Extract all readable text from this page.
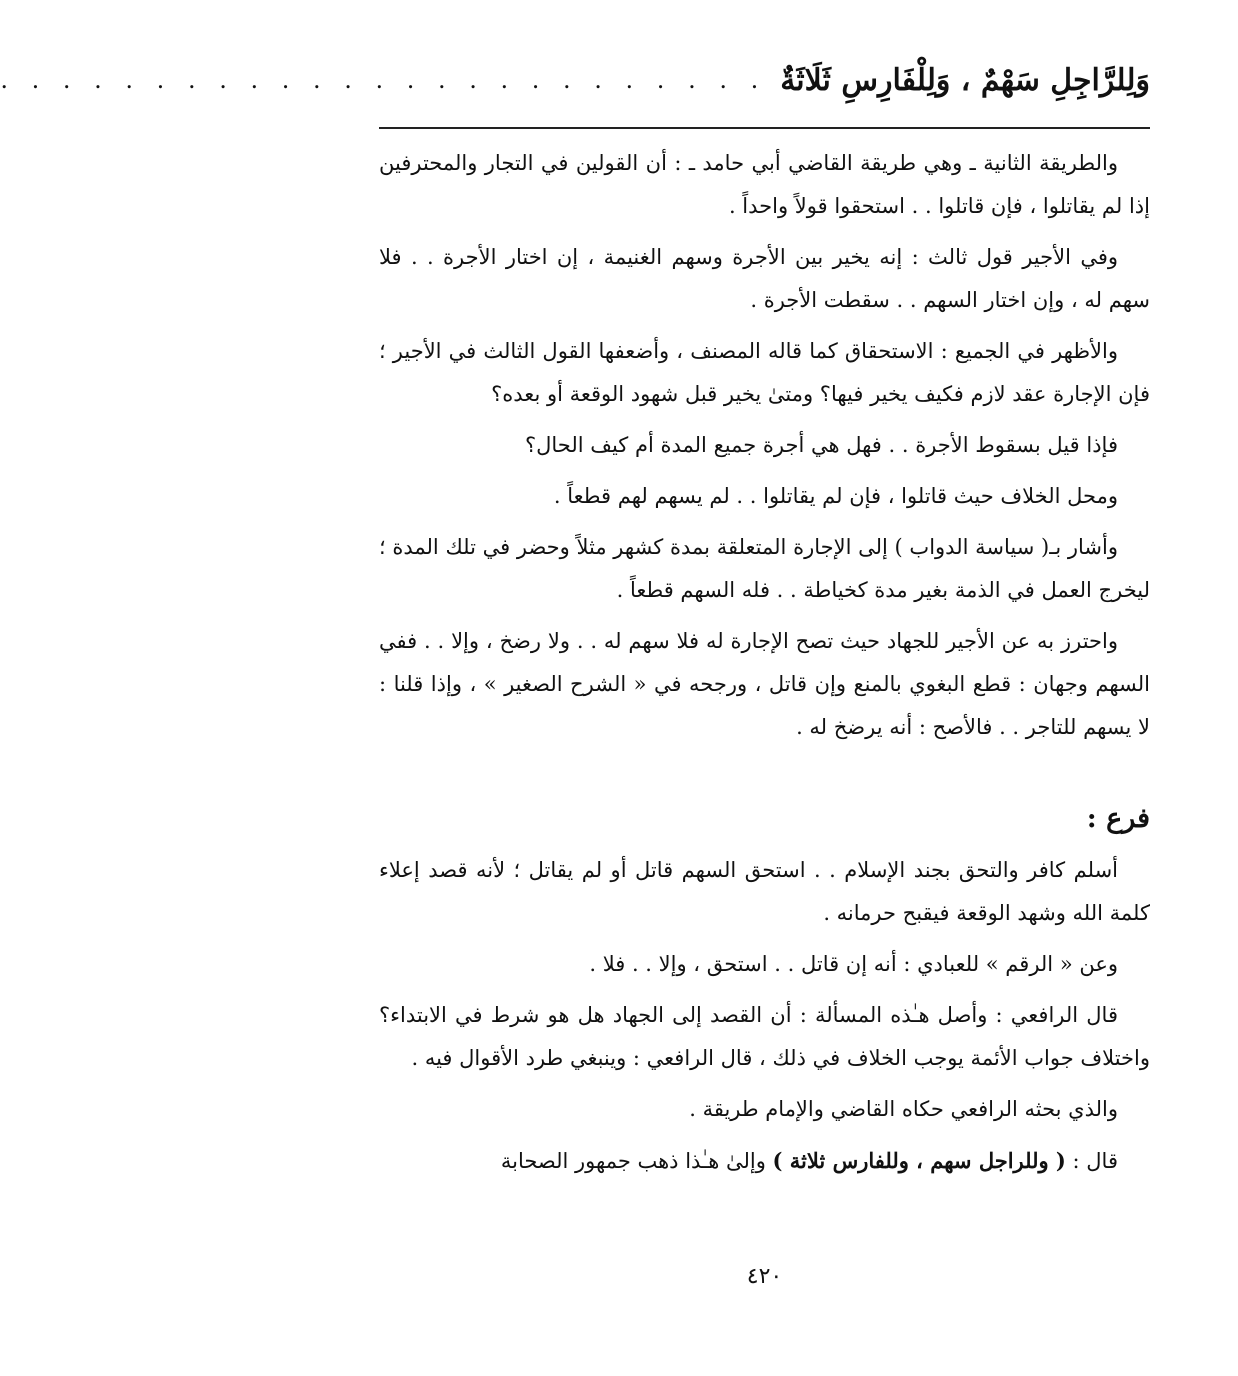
وَلِلرَّاجِلِ سَهْمٌ ، وَلِلْفَارِسِ ثَلَاثَةٌ
. . . . . . . . . . . . . . . . . . . . . . . . .

والطريقة الثانية ـ وهي طريقة القاضي أبي حامد ـ : أن القولين في التجار والمحترفين إذا لم يقاتلوا ، فإن قاتلوا . . استحقوا قولاً واحداً .

وفي الأجير قول ثالث : إنه يخير بين الأجرة وسهم الغنيمة ، إن اختار الأجرة . . فلا سهم له ، وإن اختار السهم . . سقطت الأجرة .

والأظهر في الجميع : الاستحقاق كما قاله المصنف ، وأضعفها القول الثالث في الأجير ؛ فإن الإجارة عقد لازم فكيف يخير فيها؟ ومتىٰ يخير قبل شهود الوقعة أو بعده؟

فإذا قيل بسقوط الأجرة . . فهل هي أجرة جميع المدة أم كيف الحال؟

ومحل الخلاف حيث قاتلوا ، فإن لم يقاتلوا . . لم يسهم لهم قطعاً .

وأشار بـ( سياسة الدواب ) إلى الإجارة المتعلقة بمدة كشهر مثلاً وحضر في تلك المدة ؛ ليخرج العمل في الذمة بغير مدة كخياطة . . فله السهم قطعاً .

واحترز به عن الأجير للجهاد حيث تصح الإجارة له فلا سهم له . . ولا رضخ ، وإلا . . ففي السهم وجهان : قطع البغوي بالمنع وإن قاتل ، ورجحه في « الشرح الصغير » ، وإذا قلنا : لا يسهم للتاجر . . فالأصح : أنه يرضخ له .

فرع :

أسلم كافر والتحق بجند الإسلام . . استحق السهم قاتل أو لم يقاتل ؛ لأنه قصد إعلاء كلمة الله وشهد الوقعة فيقبح حرمانه .

وعن « الرقم » للعبادي : أنه إن قاتل . . استحق ، وإلا . . فلا .

قال الرافعي : وأصل هـٰذه المسألة : أن القصد إلى الجهاد هل هو شرط في الابتداء؟ واختلاف جواب الأئمة يوجب الخلاف في ذلك ، قال الرافعي : وينبغي طرد الأقوال فيه .

والذي بحثه الرافعي حكاه القاضي والإمام طريقة .

قال : ( وللراجل سهم ، وللفارس ثلاثة ) وإلىٰ هـٰذا ذهب جمهور الصحابة

٤٢٠
